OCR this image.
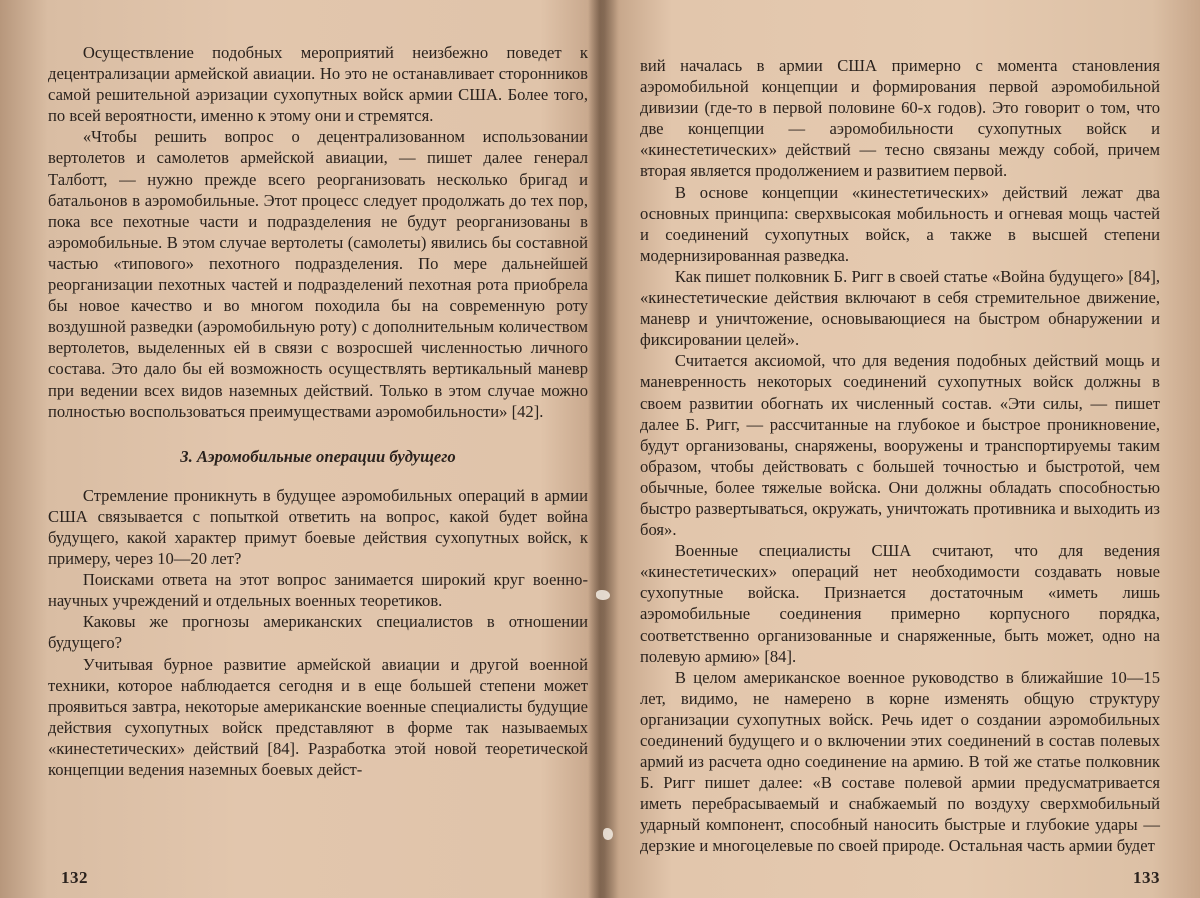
Осуществление подобных мероприятий неизбежно поведет к децентрализации армейской авиации. Но это не останавливает сторонников самой решительной аэризации сухопутных войск армии США. Более того, по всей вероятности, именно к этому они и стремятся.

«Чтобы решить вопрос о децентрализованном использовании вертолетов и самолетов армейской авиации, — пишет далее генерал Талботт, — нужно прежде всего реорганизовать несколько бригад и батальонов в аэромобильные. Этот процесс следует продолжать до тех пор, пока все пехотные части и подразделения не будут реорганизованы в аэромобильные. В этом случае вертолеты (самолеты) явились бы составной частью «типового» пехотного подразделения. По мере дальнейшей реорганизации пехотных частей и подразделений пехотная рота приобрела бы новое качество и во многом походила бы на современную роту воздушной разведки (аэромобильную роту) с дополнительным количеством вертолетов, выделенных ей в связи с возросшей численностью личного состава. Это дало бы ей возможность осуществлять вертикальный маневр при ведении всех видов наземных действий. Только в этом случае можно полностью воспользоваться преимуществами аэромобильности» [42].

3. Аэромобильные операции будущего

Стремление проникнуть в будущее аэромобильных операций в армии США связывается с попыткой ответить на вопрос, какой будет война будущего, какой характер примут боевые действия сухопутных войск, к примеру, через 10—20 лет?

Поисками ответа на этот вопрос занимается широкий круг военно-научных учреждений и отдельных военных теоретиков.

Каковы же прогнозы американских специалистов в отношении будущего?

Учитывая бурное развитие армейской авиации и другой военной техники, которое наблюдается сегодня и в еще большей степени может проявиться завтра, некоторые американские военные специалисты будущие действия сухопутных войск представляют в форме так называемых «кинестетических» действий [84]. Разработка этой новой теоретической концепции ведения наземных боевых дейст-

132

вий началась в армии США примерно с момента становления аэромобильной концепции и формирования первой аэромобильной дивизии (где-то в первой половине 60-х годов). Это говорит о том, что две концепции — аэромобильности сухопутных войск и «кинестетических» действий — тесно связаны между собой, причем вторая является продолжением и развитием первой.

В основе концепции «кинестетических» действий лежат два основных принципа: сверхвысокая мобильность и огневая мощь частей и соединений сухопутных войск, а также в высшей степени модернизированная разведка.

Как пишет полковник Б. Ригг в своей статье «Война будущего» [84], «кинестетические действия включают в себя стремительное движение, маневр и уничтожение, основывающиеся на быстром обнаружении и фиксировании целей».

Считается аксиомой, что для ведения подобных действий мощь и маневренность некоторых соединений сухопутных войск должны в своем развитии обогнать их численный состав. «Эти силы, — пишет далее Б. Ригг, — рассчитанные на глубокое и быстрое проникновение, будут организованы, снаряжены, вооружены и транспортируемы таким образом, чтобы действовать с большей точностью и быстротой, чем обычные, более тяжелые войска. Они должны обладать способностью быстро развертываться, окружать, уничтожать противника и выходить из боя».

Военные специалисты США считают, что для ведения «кинестетических» операций нет необходимости создавать новые сухопутные войска. Признается достаточным «иметь лишь аэромобильные соединения примерно корпусного порядка, соответственно организованные и снаряженные, быть может, одно на полевую армию» [84].

В целом американское военное руководство в ближайшие 10—15 лет, видимо, не намерено в корне изменять общую структуру организации сухопутных войск. Речь идет о создании аэромобильных соединений будущего и о включении этих соединений в состав полевых армий из расчета одно соединение на армию. В той же статье полковник Б. Ригг пишет далее: «В составе полевой армии предусматривается иметь перебрасываемый и снабжаемый по воздуху сверхмобильный ударный компонент, способный наносить быстрые и глубокие удары — дерзкие и многоцелевые по своей природе. Остальная часть армии будет

133
